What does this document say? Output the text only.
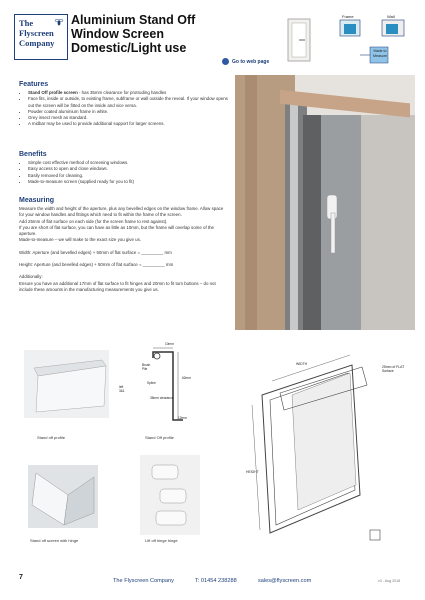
The
Flyscreen
Company
Aluminium Stand Off
Window Screen
Domestic/Light use
Frame	Wall
Made to Measure
Go to web page
Features
• Stand Off profile screen - has 35mm clearance for protruding handles
• Face fits, inside or outside, to existing frame, subframe or wall outside the reveal. If your window opens out the screen will be fitted on the inside and vice versa.
• Powder coated aluminium frame in white.
• Grey insect mesh as standard.
• A midbar may be used to provide additional support for larger screens.
Benefits
• Simple cost effective method of screening windows.
• Easy access to open and close windows.
• Easily removed for cleaning.
• Made-to-measure screen (supplied ready for you to fit)
Measuring
Measure the width and height of the aperture, plus any bevelled edges on the window frame. Allow space for your window handles and fittings which need to fit within the frame of the screen.
Add 25mm of flat surface on each side (for the screen frame to rest against).
If you are short of flat surface, you can have as little as 10mm, but the frame will overlap some of the aperture.
Made-to-measure – we will make to the exact size you give us.
Width: Aperture (and bevelled edges) + 50mm of flat surface = _________ mm
Height: Aperture (and bevelled edges) + 50mm of flat surface = _________ mm
Additionally:
Ensure you have an additional 17mm of flat surface to fit hinges and 20mm to fit turn buttons – do not include these amounts in the manufacturing measurements you give us.
Stand off profile
10mm
Brush Pile
Spline
35mm clearance
62mm
12mm
left 3&1
Stand Off profile
Stand off screen with hinge	Lift off hinge hinge
25mm of FLAT Surface
WIDTH
HEIGHT
7	The Flyscreen Company	T: 01454 238288	sales@flyscreen.com	v3 - Aug 2018
